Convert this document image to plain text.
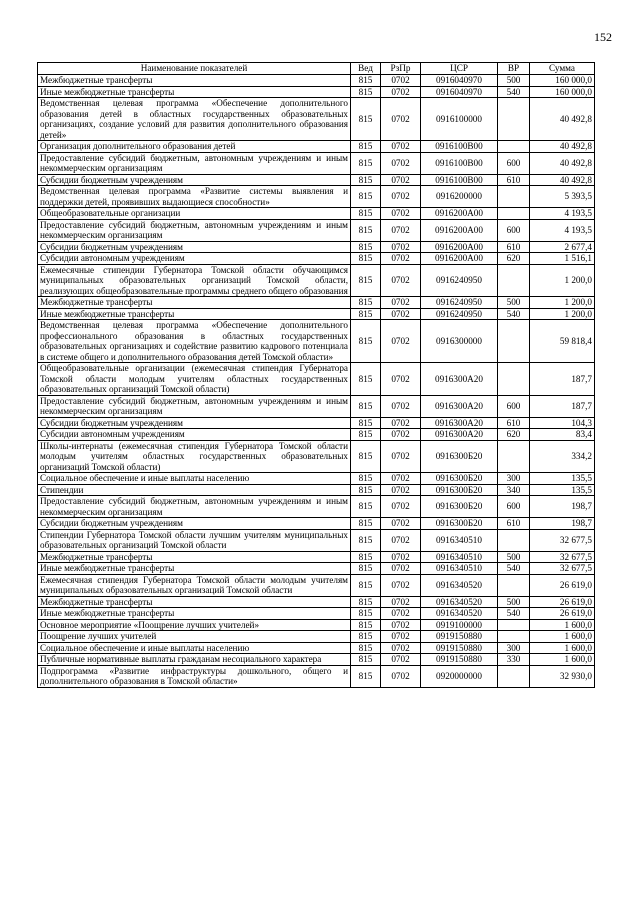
152
Наименование показателей	Вед	РзПр	ЦСР	ВР	Сумма
Межбюджетные трансферты	815	0702	0916040970	500	160 000,0
Иные межбюджетные трансферты	815	0702	0916040970	540	160 000,0
Ведомственная целевая программа «Обеспечение дополнительного образования детей в областных государственных образовательных организациях, создание условий для развития дополнительного образования детей»	815	0702	0916100000		40 492,8
Организация дополнительного образования детей	815	0702	0916100В00		40 492,8
Предоставление субсидий бюджетным, автономным учреждениям и иным некоммерческим организациям	815	0702	0916100В00	600	40 492,8
Субсидии бюджетным учреждениям	815	0702	0916100В00	610	40 492,8
Ведомственная целевая программа «Развитие системы выявления и поддержки детей, проявивших выдающиеся способности»	815	0702	0916200000		5 393,5
Общеобразовательные организации	815	0702	0916200А00		4 193,5
Предоставление субсидий бюджетным, автономным учреждениям и иным некоммерческим организациям	815	0702	0916200А00	600	4 193,5
Субсидии бюджетным учреждениям	815	0702	0916200А00	610	2 677,4
Субсидии автономным учреждениям	815	0702	0916200А00	620	1 516,1
Ежемесячные стипендии Губернатора Томской области обучающимся муниципальных образовательных организаций Томской области, реализующих общеобразовательные программы среднего общего образования	815	0702	0916240950		1 200,0
Межбюджетные трансферты	815	0702	0916240950	500	1 200,0
Иные межбюджетные трансферты	815	0702	0916240950	540	1 200,0
Ведомственная целевая программа «Обеспечение дополнительного профессионального образования в областных государственных образовательных организациях и содействие развитию кадрового потенциала в системе общего и дополнительного образования детей Томской области»	815	0702	0916300000		59 818,4
Общеобразовательные организации (ежемесячная стипендия Губернатора Томской области молодым учителям областных государственных образовательных организаций Томской области)	815	0702	0916300А20		187,7
Предоставление субсидий бюджетным, автономным учреждениям и иным некоммерческим организациям	815	0702	0916300А20	600	187,7
Субсидии бюджетным учреждениям	815	0702	0916300А20	610	104,3
Субсидии автономным учреждениям	815	0702	0916300А20	620	83,4
Школы-интернаты (ежемесячная стипендия Губернатора Томской области молодым учителям областных государственных образовательных организаций Томской области)	815	0702	0916300Б20		334,2
Социальное обеспечение и иные выплаты населению	815	0702	0916300Б20	300	135,5
Стипендии	815	0702	0916300Б20	340	135,5
Предоставление субсидий бюджетным, автономным учреждениям и иным некоммерческим организациям	815	0702	0916300Б20	600	198,7
Субсидии бюджетным учреждениям	815	0702	0916300Б20	610	198,7
Стипендии Губернатора Томской области лучшим учителям муниципальных образовательных организаций Томской области	815	0702	0916340510		32 677,5
Межбюджетные трансферты	815	0702	0916340510	500	32 677,5
Иные межбюджетные трансферты	815	0702	0916340510	540	32 677,5
Ежемесячная стипендия Губернатора Томской области молодым учителям муниципальных образовательных организаций Томской области	815	0702	0916340520		26 619,0
Межбюджетные трансферты	815	0702	0916340520	500	26 619,0
Иные межбюджетные трансферты	815	0702	0916340520	540	26 619,0
Основное мероприятие «Поощрение лучших учителей»	815	0702	0919100000		1 600,0
Поощрение лучших учителей	815	0702	0919150880		1 600,0
Социальное обеспечение и иные выплаты населению	815	0702	0919150880	300	1 600,0
Публичные нормативные выплаты гражданам несоциального характера	815	0702	0919150880	330	1 600,0
Подпрограмма «Развитие инфраструктуры дошкольного, общего и дополнительного образования в Томской области»	815	0702	0920000000		32 930,0
